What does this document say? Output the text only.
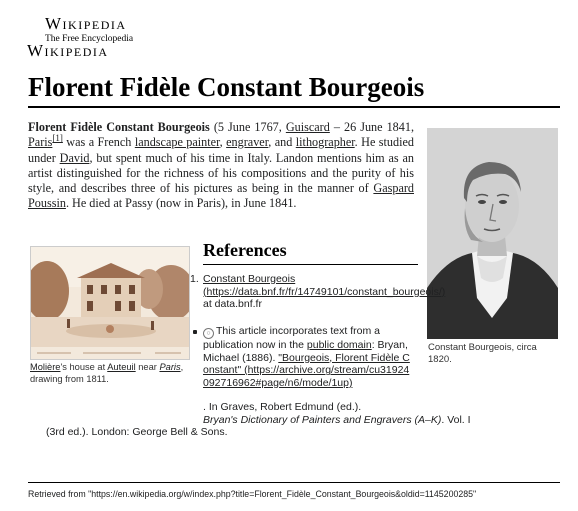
Wikipedia
The Free Encyclopedia
Wikipedia
Florent Fidèle Constant Bourgeois
Florent Fidèle Constant Bourgeois (5 June 1767, Guiscard – 26 June 1841, Paris[1] was a French landscape painter, engraver, and lithographer. He studied under David, but spent much of his time in Italy. Landon mentions him as an artist distinguished for the richness of his compositions and the purity of his style, and describes three of his pictures as being in the manner of Gaspard Poussin. He died at Passy (now in Paris), in June 1841.
Constant Bourgeois, circa 1820.
Molière's house at Auteuil near Paris, drawing from 1811.
References
1. Constant Bourgeois (https://data.bnf.fr/fr/14749101/constant_bourgeois/) at data.bnf.fr
○ This article incorporates text from a publication now in the public domain: Bryan, Michael (1886). "Bourgeois, Florent Fidèle Constant" (https://archive.org/stream/cu31924092716962#page/n6/mode/1up)
. In Graves, Robert Edmund (ed.).
Bryan's Dictionary of Painters and Engravers (A–K). Vol. I
(3rd ed.). London: George Bell & Sons.
Retrieved from "https://en.wikipedia.org/w/index.php?title=Florent_Fidèle_Constant_Bourgeois&oldid=1145200285"
